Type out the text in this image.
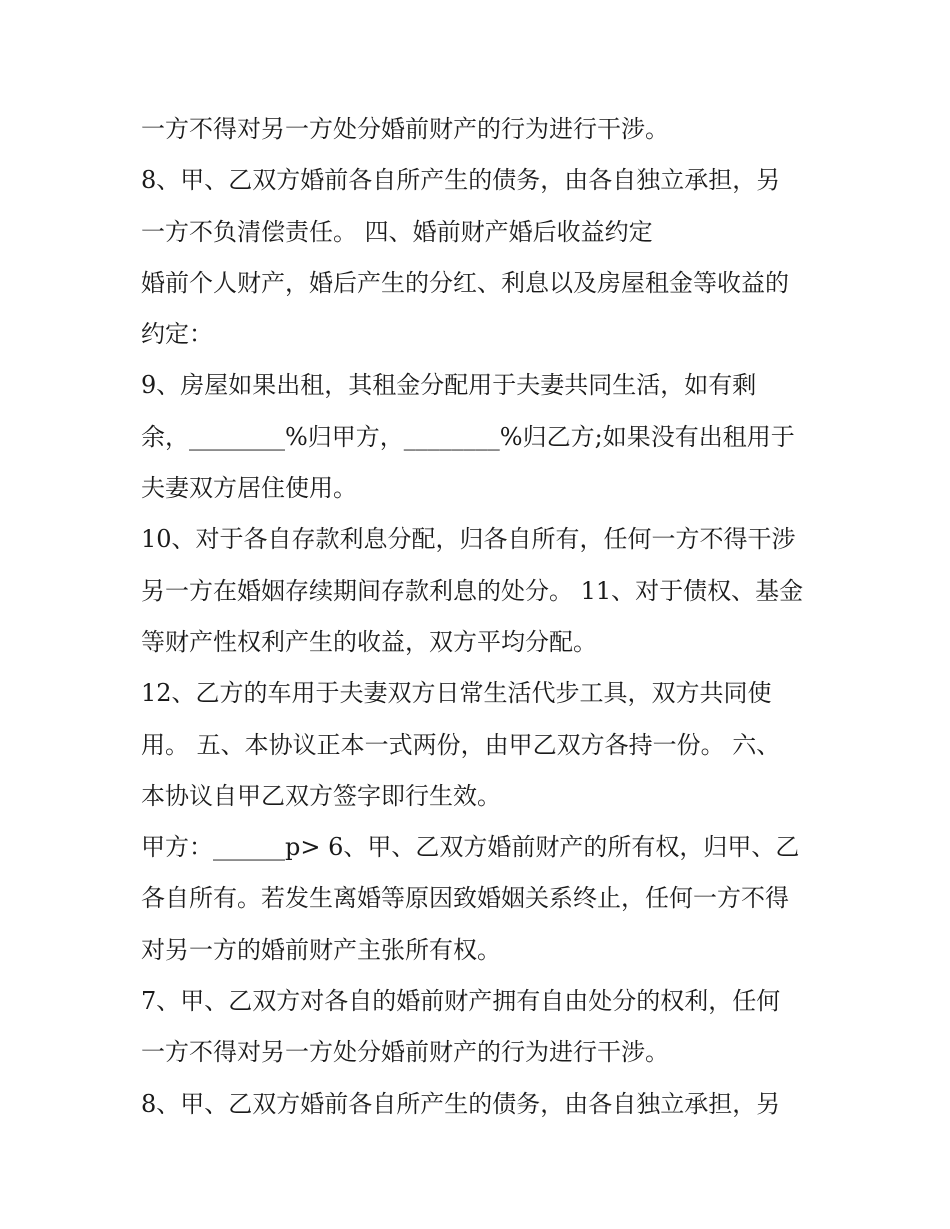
一方不得对另一方处分婚前财产的行为进行干涉。
8、甲、乙双方婚前各自所产生的债务，由各自独立承担，另
一方不负清偿责任。 四、婚前财产婚后收益约定
婚前个人财产，婚后产生的分红、利息以及房屋租金等收益的
约定：
9、房屋如果出租，其租金分配用于夫妻共同生活，如有剩
余，________%归甲方，________%归乙方;如果没有出租用于
夫妻双方居住使用。
10、对于各自存款利息分配，归各自所有，任何一方不得干涉
另一方在婚姻存续期间存款利息的处分。 11、对于债权、基金
等财产性权利产生的收益，双方平均分配。
12、乙方的车用于夫妻双方日常生活代步工具，双方共同使
用。 五、本协议正本一式两份，由甲乙双方各持一份。 六、
本协议自甲乙双方签字即行生效。
甲方：______p> 6、甲、乙双方婚前财产的所有权，归甲、乙
各自所有。若发生离婚等原因致婚姻关系终止，任何一方不得
对另一方的婚前财产主张所有权。
7、甲、乙双方对各自的婚前财产拥有自由处分的权利，任何
一方不得对另一方处分婚前财产的行为进行干涉。
8、甲、乙双方婚前各自所产生的债务，由各自独立承担，另
